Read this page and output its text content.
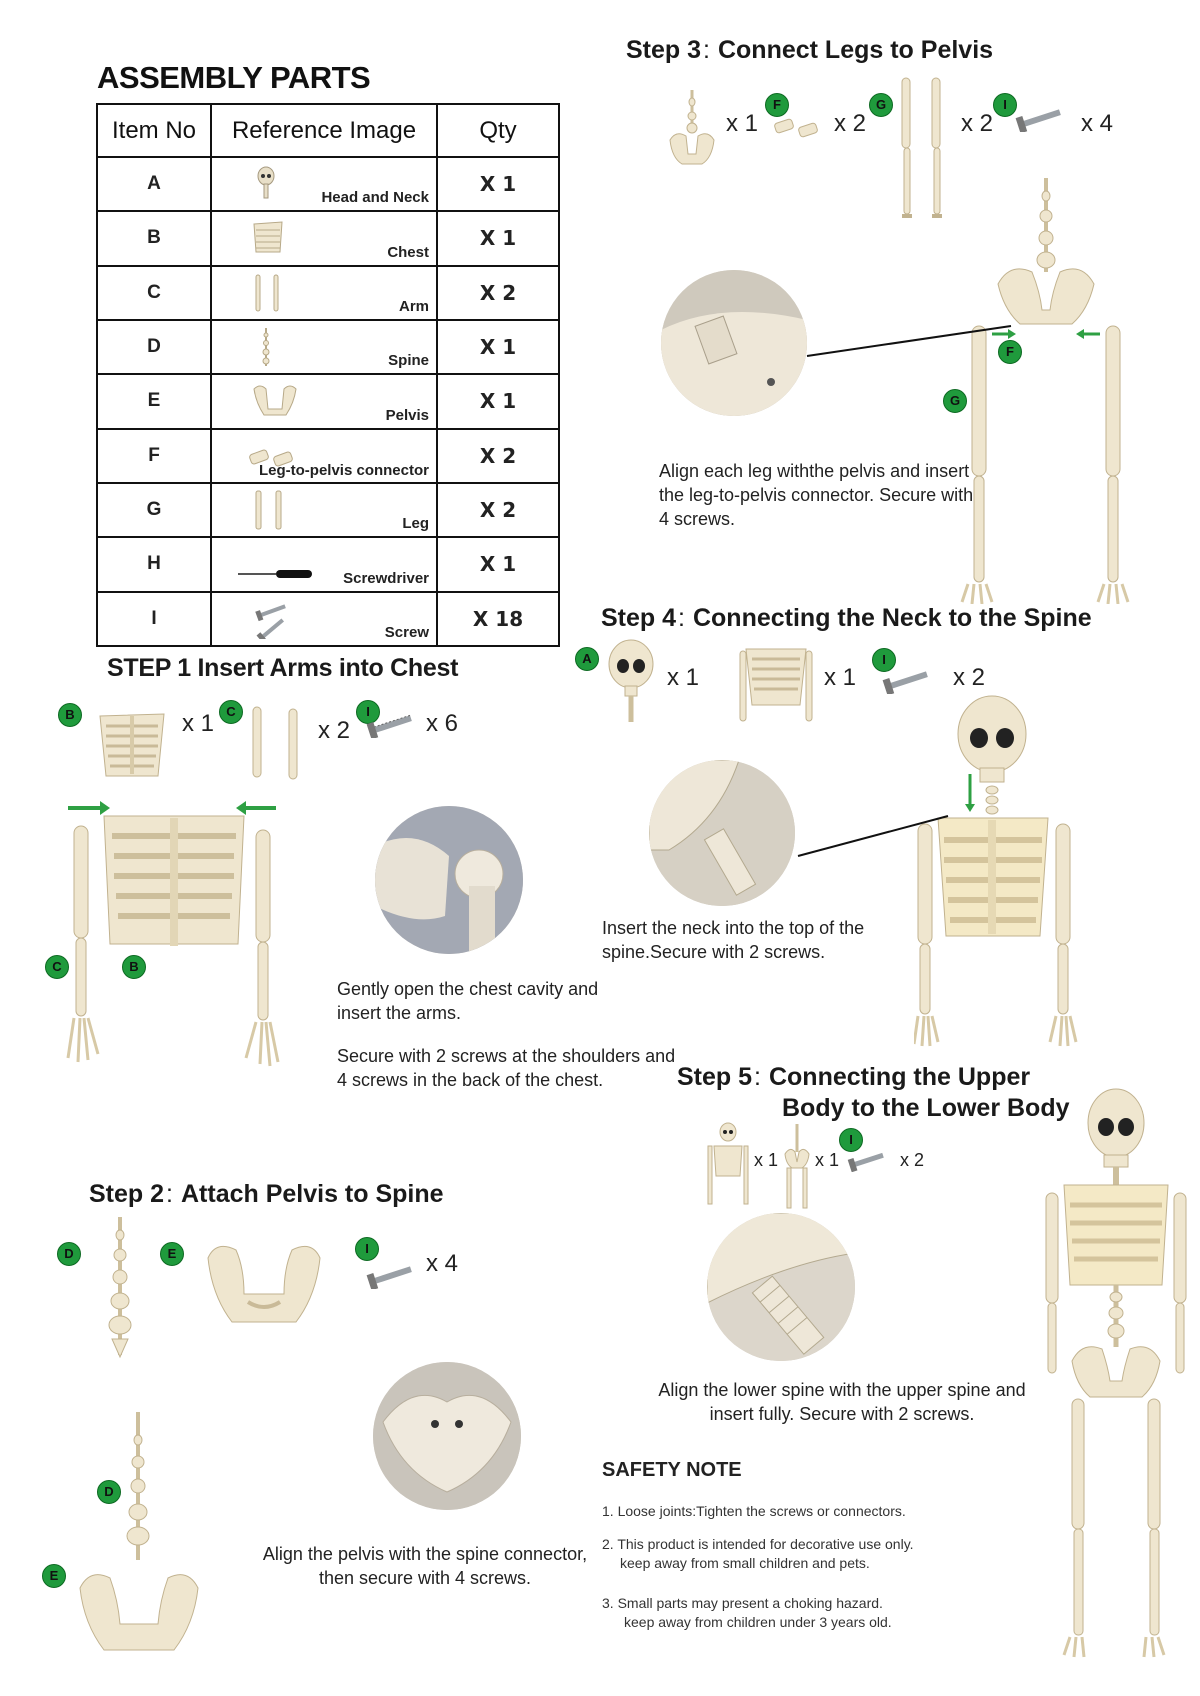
ASSEMBLY PARTS
Item No	Reference Image	Qty
A	Head and Neck	X 1
B	Chest	X 1
C	Arm	X 2
D	Spine	X 1
E	Pelvis	X 1
F	Leg-to-pelvis connector	X 2
G	Leg	X 2
H	Screwdriver	X 1
I	Screw	X 18
STEP 1 Insert Arms into Chest
B	x 1 C
x 2
I	x 6
C	B
Gently open the chest cavity and insert the arms.
Secure with 2 screws at the shoulders and 4 screws in the back of the chest.
Step 2: Attach Pelvis to Spine
D	E	I
x 4
D
E
Align the pelvis with the spine connector, then secure with 4 screws.
Step 3: Connect Legs to Pelvis
x 1
F
x 2
G
x 2
I
x 4
F
G
Align each leg withthe pelvis and insert the leg-to-pelvis connector. Secure with 4 screws.
Step 4: Connecting the Neck to the Spine
A
x 1	x 1
I
x 2
Insert the neck into the top of the spine.Secure with 2 screws.
Step 5: Connecting the Upper
Body to the Lower Body
x 1 x 1
I
x 2
Align the lower spine with the upper spine and insert fully. Secure with 2 screws.
SAFETY NOTE
1. Loose joints:Tighten the screws or connectors.
2. This product is intended for decorative use only.
keep away from small children and pets.
3. Small parts may present a choking hazard.
keep away from children under 3 years old.
